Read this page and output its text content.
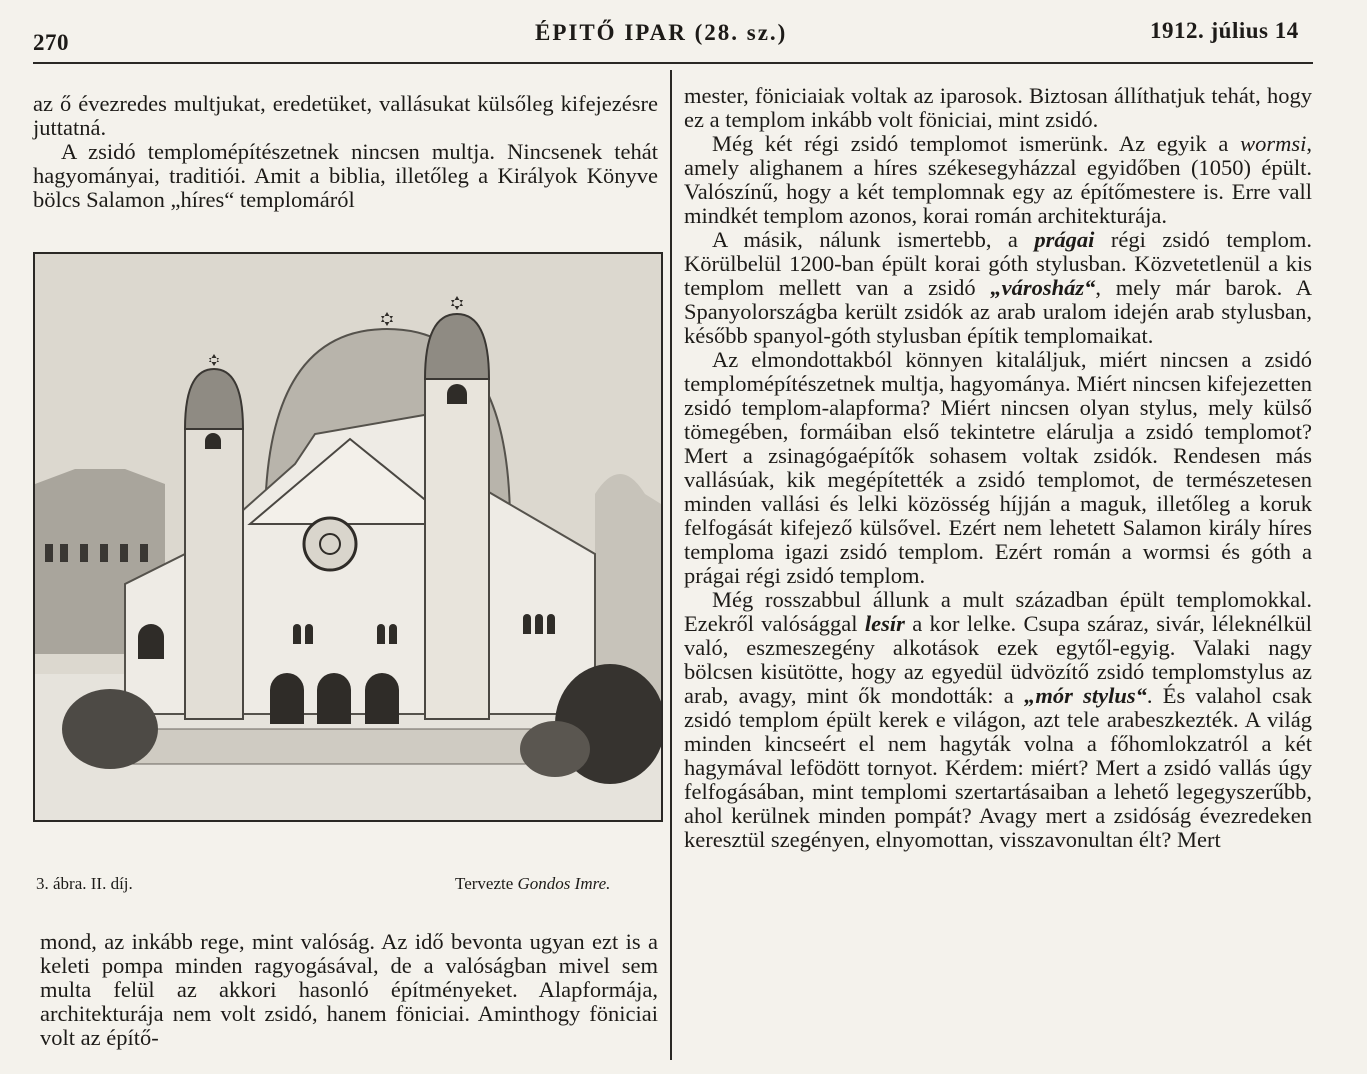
270	ÉPITŐ IPAR (28. sz.)	1912. július 14

az ő évezredes multjukat, eredetüket, vallásukat külsőleg kifejezésre juttatná.

A zsidó templomépítészetnek nincsen multja. Nincsenek tehát hagyományai, traditiói. Amit a biblia, illetőleg a Királyok Könyve bölcs Salamon „híres“ templomáról

3. ábra. II. díj.	Tervezte Gondos Imre.

mond, az inkább rege, mint valóság. Az idő bevonta ugyan ezt is a keleti pompa minden ragyogásával, de a valóságban mivel sem multa felül az akkori hasonló építményeket. Alapformája, architekturája nem volt zsidó, hanem föniciai. Aminthogy föniciai volt az építő-

mester, föniciaiak voltak az iparosok. Biztosan állíthatjuk tehát, hogy ez a templom inkább volt föniciai, mint zsidó.

Még két régi zsidó templomot ismerünk. Az egyik a wormsi, amely alighanem a híres székesegyházzal egyidőben (1050) épült. Valószínű, hogy a két templomnak egy az építőmestere is. Erre vall mindkét templom azonos, korai román architekturája.

A másik, nálunk ismertebb, a prágai régi zsidó templom. Körülbelül 1200-ban épült korai góth stylusban. Közvetetlenül a kis templom mellett van a zsidó „városház“, mely már barok. A Spanyolországba került zsidók az arab uralom idején arab stylusban, később spanyol-góth stylusban építik templomaikat.

Az elmondottakból könnyen kitaláljuk, miért nincsen a zsidó templomépítészetnek multja, hagyománya. Miért nincsen kifejezetten zsidó templom-alapforma? Miért nincsen olyan stylus, mely külső tömegében, formáiban első tekintetre elárulja a zsidó templomot? Mert a zsinagógaépítők sohasem voltak zsidók. Rendesen más vallásúak, kik megépítették a zsidó templomot, de természetesen minden vallási és lelki közösség híjján a maguk, illetőleg a koruk felfogását kifejező külsővel. Ezért nem lehetett Salamon király híres temploma igazi zsidó templom. Ezért román a wormsi és góth a prágai régi zsidó templom.

Még rosszabbul állunk a mult században épült templomokkal. Ezekről valósággal lesír a kor lelke. Csupa száraz, sivár, léleknélkül való, eszmeszegény alkotások ezek egytől-egyig. Valaki nagy bölcsen kisütötte, hogy az egyedül üdvözítő zsidó templomstylus az arab, avagy, mint ők mondották: a „mór stylus“. És valahol csak zsidó templom épült kerek e világon, azt tele arabeszkezték. A világ minden kincseért el nem hagyták volna a főhomlokzatról a két hagymával lefödött tornyot. Kérdem: miért? Mert a zsidó vallás úgy felfogásában, mint templomi szertartásaiban a lehető legegyszerűbb, ahol kerülnek minden pompát? Avagy mert a zsidóság évezredeken keresztül szegényen, elnyomottan, visszavonultan élt? Mert
